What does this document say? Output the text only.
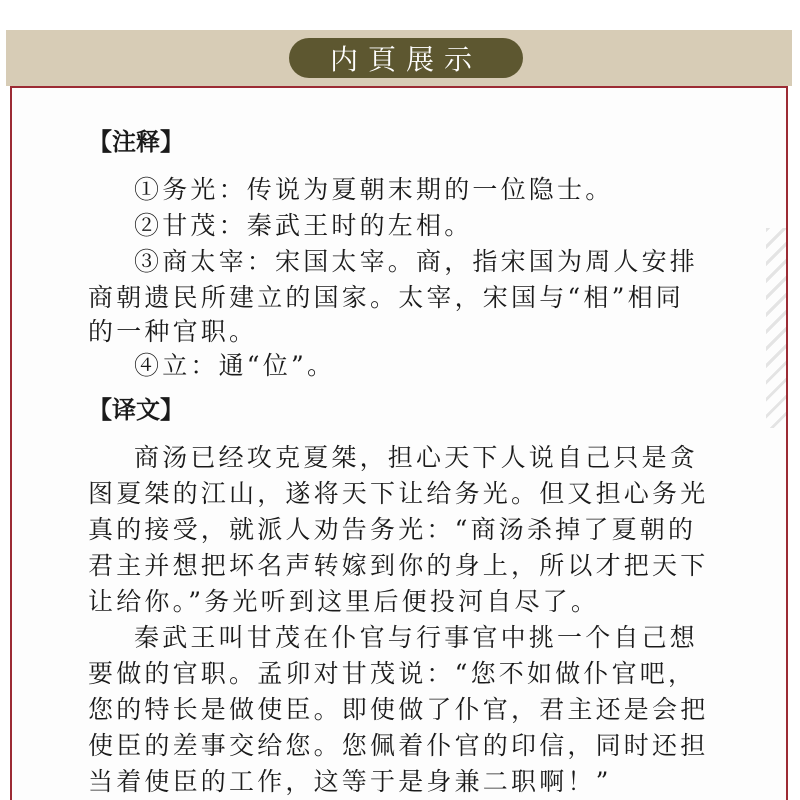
内頁展示
【注释】
①务光：传说为夏朝末期的一位隐士。
②甘茂：秦武王时的左相。
③商太宰：宋国太宰。商，指宋国为周人安排
商朝遗民所建立的国家。太宰，宋国与“相”相同
的一种官职。
④立：通“位”。
【译文】
商汤已经攻克夏桀，担心天下人说自己只是贪
图夏桀的江山，遂将天下让给务光。但又担心务光
真的接受，就派人劝告务光：“商汤杀掉了夏朝的
君主并想把坏名声转嫁到你的身上，所以才把天下
让给你。”务光听到这里后便投河自尽了。
秦武王叫甘茂在仆官与行事官中挑一个自己想
要做的官职。孟卯对甘茂说：“您不如做仆官吧，
您的特长是做使臣。即使做了仆官，君主还是会把
使臣的差事交给您。您佩着仆官的印信，同时还担
当着使臣的工作，这等于是身兼二职啊！”
